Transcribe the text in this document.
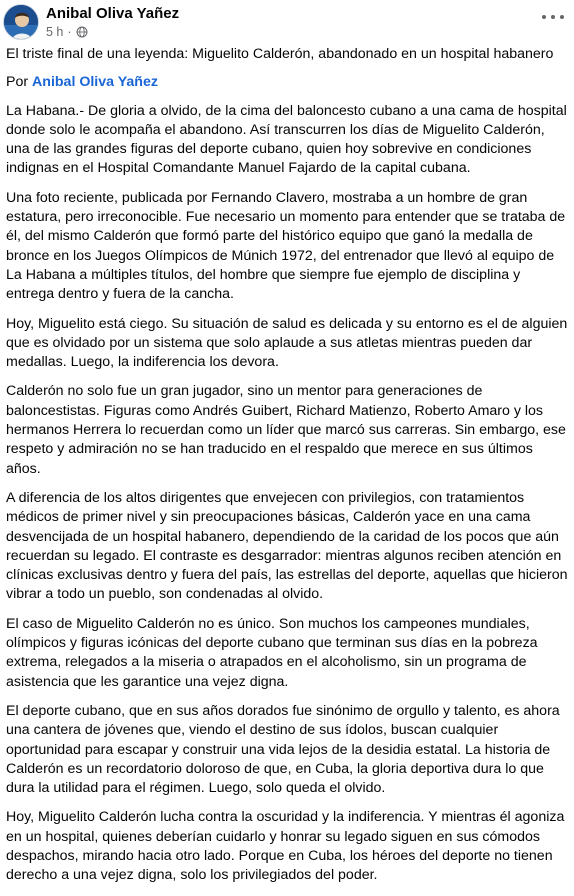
Anibal Oliva Yañez
5 h ·

El triste final de una leyenda: Miguelito Calderón, abandonado en un hospital habanero

Por Anibal Oliva Yañez

La Habana.- De gloria a olvido, de la cima del baloncesto cubano a una cama de hospital donde solo le acompaña el abandono. Así transcurren los días de Miguelito Calderón, una de las grandes figuras del deporte cubano, quien hoy sobrevive en condiciones indignas en el Hospital Comandante Manuel Fajardo de la capital cubana.

Una foto reciente, publicada por Fernando Clavero, mostraba a un hombre de gran estatura, pero irreconocible. Fue necesario un momento para entender que se trataba de él, del mismo Calderón que formó parte del histórico equipo que ganó la medalla de bronce en los Juegos Olímpicos de Múnich 1972, del entrenador que llevó al equipo de La Habana a múltiples títulos, del hombre que siempre fue ejemplo de disciplina y entrega dentro y fuera de la cancha.

Hoy, Miguelito está ciego. Su situación de salud es delicada y su entorno es el de alguien que es olvidado por un sistema que solo aplaude a sus atletas mientras pueden dar medallas. Luego, la indiferencia los devora.

Calderón no solo fue un gran jugador, sino un mentor para generaciones de baloncestistas. Figuras como Andrés Guibert, Richard Matienzo, Roberto Amaro y los hermanos Herrera lo recuerdan como un líder que marcó sus carreras. Sin embargo, ese respeto y admiración no se han traducido en el respaldo que merece en sus últimos años.

A diferencia de los altos dirigentes que envejecen con privilegios, con tratamientos médicos de primer nivel y sin preocupaciones básicas, Calderón yace en una cama desvencijada de un hospital habanero, dependiendo de la caridad de los pocos que aún recuerdan su legado. El contraste es desgarrador: mientras algunos reciben atención en clínicas exclusivas dentro y fuera del país, las estrellas del deporte, aquellas que hicieron vibrar a todo un pueblo, son condenadas al olvido.

El caso de Miguelito Calderón no es único. Son muchos los campeones mundiales, olímpicos y figuras icónicas del deporte cubano que terminan sus días en la pobreza extrema, relegados a la miseria o atrapados en el alcoholismo, sin un programa de asistencia que les garantice una vejez digna.

El deporte cubano, que en sus años dorados fue sinónimo de orgullo y talento, es ahora una cantera de jóvenes que, viendo el destino de sus ídolos, buscan cualquier oportunidad para escapar y construir una vida lejos de la desidia estatal. La historia de Calderón es un recordatorio doloroso de que, en Cuba, la gloria deportiva dura lo que dura la utilidad para el régimen. Luego, solo queda el olvido.

Hoy, Miguelito Calderón lucha contra la oscuridad y la indiferencia. Y mientras él agoniza en un hospital, quienes deberían cuidarlo y honrar su legado siguen en sus cómodos despachos, mirando hacia otro lado. Porque en Cuba, los héroes del deporte no tienen derecho a una vejez digna, solo los privilegiados del poder.
